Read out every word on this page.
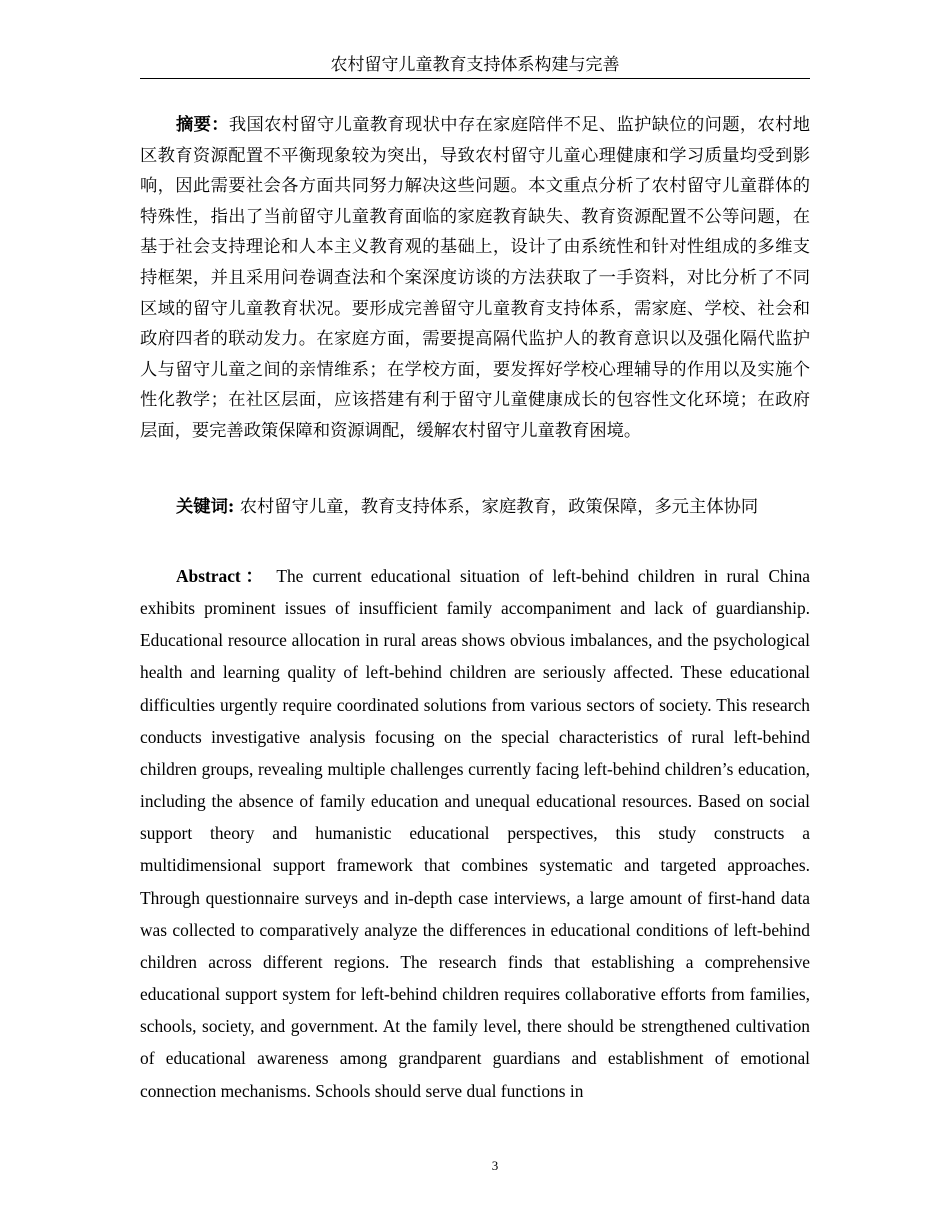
农村留守儿童教育支持体系构建与完善

摘要：我国农村留守儿童教育现状中存在家庭陪伴不足、监护缺位的问题，农村地区教育资源配置不平衡现象较为突出，导致农村留守儿童心理健康和学习质量均受到影响，因此需要社会各方面共同努力解决这些问题。本文重点分析了农村留守儿童群体的特殊性，指出了当前留守儿童教育面临的家庭教育缺失、教育资源配置不公等问题，在基于社会支持理论和人本主义教育观的基础上，设计了由系统性和针对性组成的多维支持框架，并且采用问卷调查法和个案深度访谈的方法获取了一手资料，对比分析了不同区域的留守儿童教育状况。要形成完善留守儿童教育支持体系，需家庭、学校、社会和政府四者的联动发力。在家庭方面，需要提高隔代监护人的教育意识以及强化隔代监护人与留守儿童之间的亲情维系；在学校方面，要发挥好学校心理辅导的作用以及实施个性化教学；在社区层面，应该搭建有利于留守儿童健康成长的包容性文化环境；在政府层面，要完善政策保障和资源调配，缓解农村留守儿童教育困境。

关键词: 农村留守儿童，教育支持体系，家庭教育，政策保障，多元主体协同

Abstract： The current educational situation of left-behind children in rural China exhibits prominent issues of insufficient family accompaniment and lack of guardianship. Educational resource allocation in rural areas shows obvious imbalances, and the psychological health and learning quality of left-behind children are seriously affected. These educational difficulties urgently require coordinated solutions from various sectors of society. This research conducts investigative analysis focusing on the special characteristics of rural left-behind children groups, revealing multiple challenges currently facing left-behind children’s education, including the absence of family education and unequal educational resources. Based on social support theory and humanistic educational perspectives, this study constructs a multidimensional support framework that combines systematic and targeted approaches. Through questionnaire surveys and in-depth case interviews, a large amount of first-hand data was collected to comparatively analyze the differences in educational conditions of left-behind children across different regions. The research finds that establishing a comprehensive educational support system for left-behind children requires collaborative efforts from families, schools, society, and government. At the family level, there should be strengthened cultivation of educational awareness among grandparent guardians and establishment of emotional connection mechanisms. Schools should serve dual functions in

3
